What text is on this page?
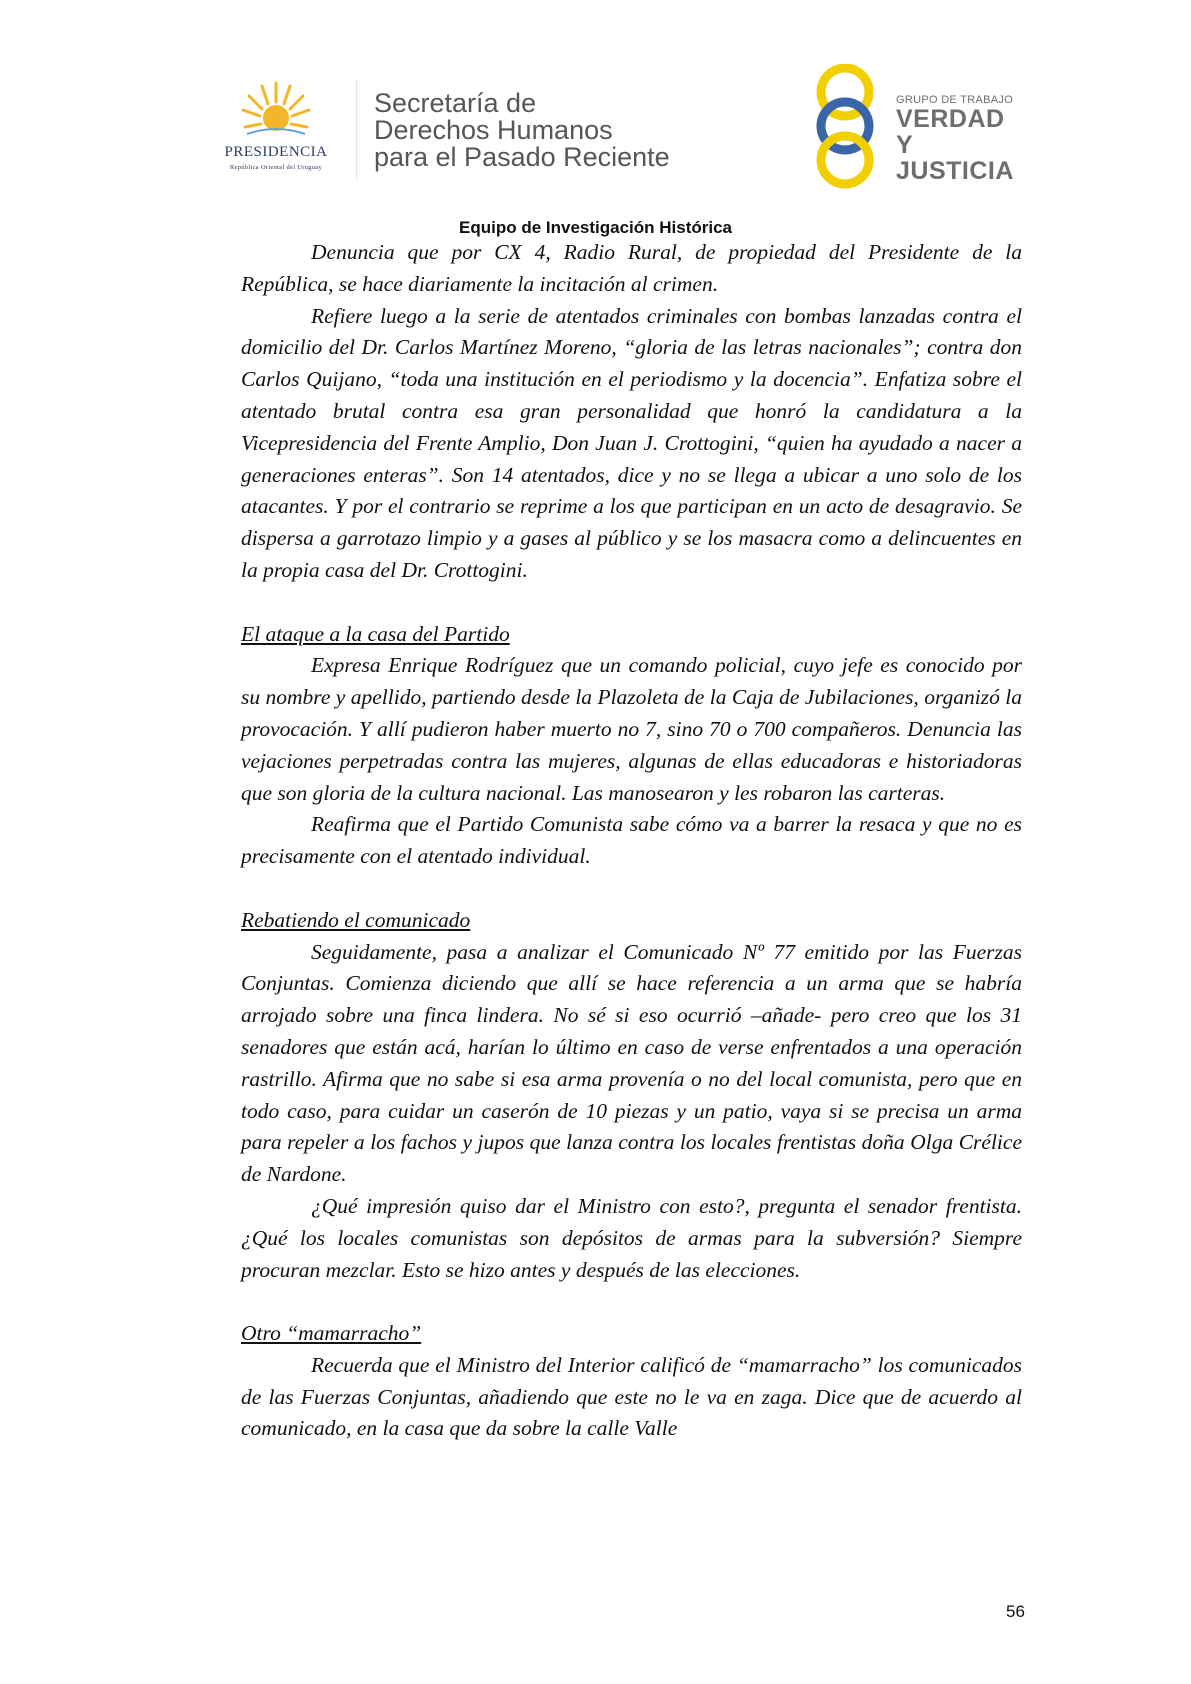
PRESIDENCIA
República Oriental del Uruguay
Secretaría de
Derechos Humanos
para el Pasado Reciente
GRUPO DE TRABAJO
VERDAD Y
JUSTICIA
Equipo de Investigación Histórica

Denuncia que por CX 4, Radio Rural, de propiedad del Presidente de la República, se hace diariamente la incitación al crimen.

Refiere luego a la serie de atentados criminales con bombas lanzadas contra el domicilio del Dr. Carlos Martínez Moreno, “gloria de las letras nacionales”; contra don Carlos Quijano, “toda una institución en el periodismo y la docencia”. Enfatiza sobre el atentado brutal contra esa gran personalidad que honró la candidatura a la Vicepresidencia del Frente Amplio, Don Juan J. Crottogini, “quien ha ayudado a nacer a generaciones enteras”. Son 14 atentados, dice y no se llega a ubicar a uno solo de los atacantes. Y por el contrario se reprime a los que participan en un acto de desagravio. Se dispersa a garrotazo limpio y a gases al público y se los masacra como a delincuentes en la propia casa del Dr. Crottogini.

El ataque a la casa del Partido

Expresa Enrique Rodríguez que un comando policial, cuyo jefe es conocido por su nombre y apellido, partiendo desde la Plazoleta de la Caja de Jubilaciones, organizó la provocación. Y allí pudieron haber muerto no 7, sino 70 o 700 compañeros. Denuncia las vejaciones perpetradas contra las mujeres, algunas de ellas educadoras e historiadoras que son gloria de la cultura nacional. Las manosearon y les robaron las carteras.

Reafirma que el Partido Comunista sabe cómo va a barrer la resaca y que no es precisamente con el atentado individual.

Rebatiendo el comunicado

Seguidamente, pasa a analizar el Comunicado Nº 77 emitido por las Fuerzas Conjuntas. Comienza diciendo que allí se hace referencia a un arma que se habría arrojado sobre una finca lindera. No sé si eso ocurrió –añade- pero creo que los 31 senadores que están acá, harían lo último en caso de verse enfrentados a una operación rastrillo. Afirma que no sabe si esa arma provenía o no del local comunista, pero que en todo caso, para cuidar un caserón de 10 piezas y un patio, vaya si se precisa un arma para repeler a los fachos y jupos que lanza contra los locales frentistas doña Olga Crélice de Nardone.

¿Qué impresión quiso dar el Ministro con esto?, pregunta el senador frentista. ¿Qué los locales comunistas son depósitos de armas para la subversión? Siempre procuran mezclar. Esto se hizo antes y después de las elecciones.

Otro “mamarracho”

Recuerda que el Ministro del Interior calificó de “mamarracho” los comunicados de las Fuerzas Conjuntas, añadiendo que este no le va en zaga. Dice que de acuerdo al comunicado, en la casa que da sobre la calle Valle

56
